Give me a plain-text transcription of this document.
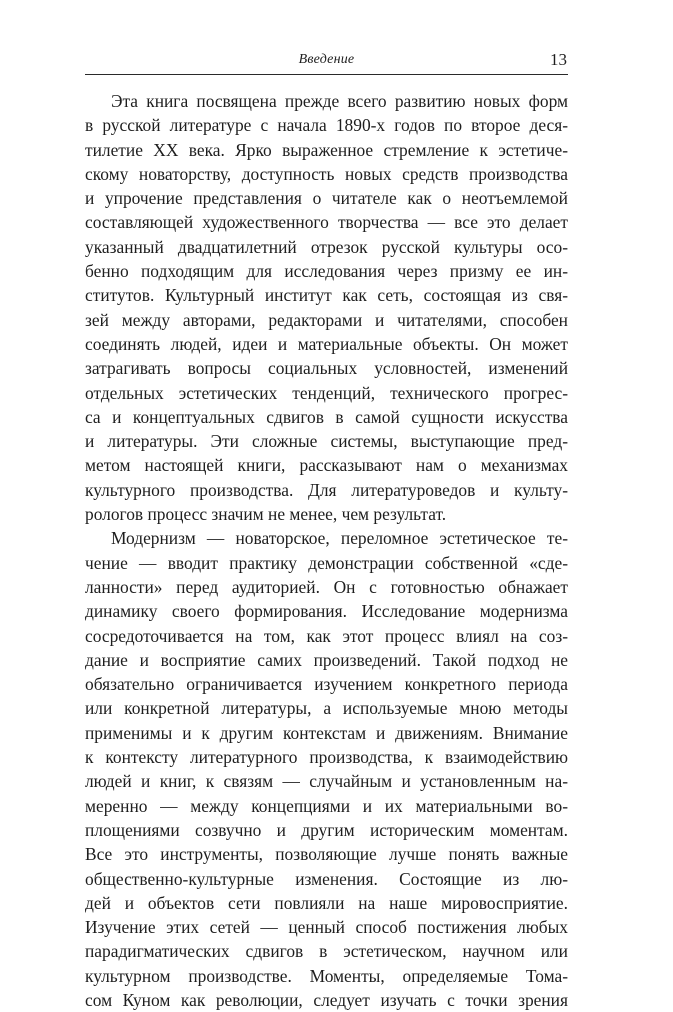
Введение	13
Эта книга посвящена прежде всего развитию новых форм
в русской литературе с начала 1890-х годов по второе деся-
тилетие XX века. Ярко выраженное стремление к эстетиче-
скому новаторству, доступность новых средств производства
и упрочение представления о читателе как о неотъемлемой
составляющей художественного творчества — все это делает
указанный двадцатилетний отрезок русской культуры осо-
бенно подходящим для исследования через призму ее ин-
ститутов. Культурный институт как сеть, состоящая из свя-
зей между авторами, редакторами и читателями, способен
соединять людей, идеи и материальные объекты. Он может
затрагивать вопросы социальных условностей, изменений
отдельных эстетических тенденций, технического прогрес-
са и концептуальных сдвигов в самой сущности искусства
и литературы. Эти сложные системы, выступающие пред-
метом настоящей книги, рассказывают нам о механизмах
культурного производства. Для литературоведов и культу-
рологов процесс значим не менее, чем результат.
Модернизм — новаторское, переломное эстетическое те-
чение — вводит практику демонстрации собственной «сде-
ланности» перед аудиторией. Он с готовностью обнажает
динамику своего формирования. Исследование модернизма
сосредоточивается на том, как этот процесс влиял на соз-
дание и восприятие самих произведений. Такой подход не
обязательно ограничивается изучением конкретного периода
или конкретной литературы, а используемые мною методы
применимы и к другим контекстам и движениям. Внимание
к контексту литературного производства, к взаимодействию
людей и книг, к связям — случайным и установленным на-
меренно — между концепциями и их материальными во-
площениями созвучно и другим историческим моментам.
Все это инструменты, позволяющие лучше понять важные
общественно-культурные изменения. Состоящие из лю-
дей и объектов сети повлияли на наше мировосприятие.
Изучение этих сетей — ценный способ постижения любых
парадигматических сдвигов в эстетическом, научном или
культурном производстве. Моменты, определяемые Тома-
сом Куном как революции, следует изучать с точки зрения
